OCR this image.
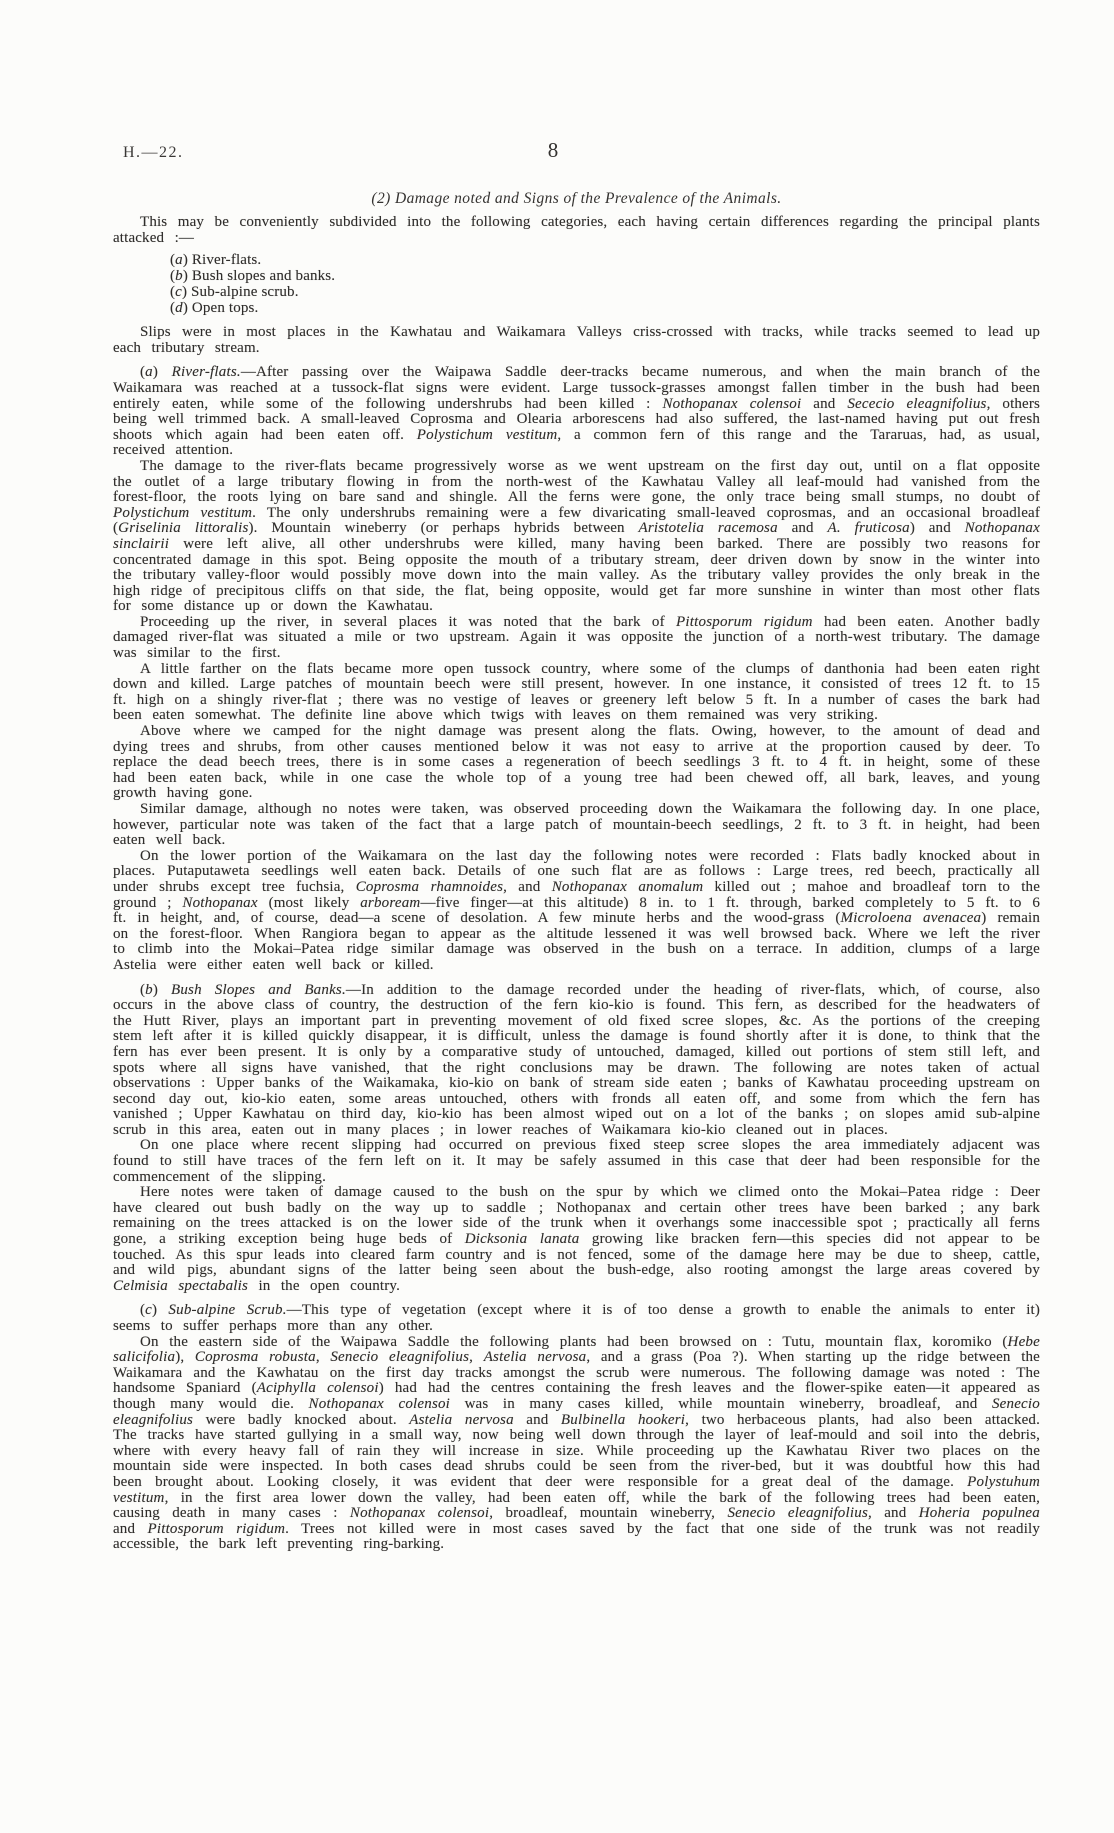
H.—22.	8
(2) Damage noted and Signs of the Prevalence of the Animals.

This may be conveniently subdivided into the following categories, each having certain differences regarding the principal plants attacked :—

(a) River-flats.
(b) Bush slopes and banks.
(c) Sub-alpine scrub.
(d) Open tops.

Slips were in most places in the Kawhatau and Waikamara Valleys criss-crossed with tracks, while tracks seemed to lead up each tributary stream.

(a) River-flats.—After passing over the Waipawa Saddle deer-tracks became numerous, and when the main branch of the Waikamara was reached at a tussock-flat signs were evident. Large tussock-grasses amongst fallen timber in the bush had been entirely eaten, while some of the following undershrubs had been killed : Nothopanax colensoi and Sececio eleagnifolius, others being well trimmed back. A small-leaved Coprosma and Olearia arborescens had also suffered, the last-named having put out fresh shoots which again had been eaten off. Polystichum vestitum, a common fern of this range and the Tararuas, had, as usual, received attention.

The damage to the river-flats became progressively worse as we went upstream on the first day out, until on a flat opposite the outlet of a large tributary flowing in from the north-west of the Kawhatau Valley all leaf-mould had vanished from the forest-floor, the roots lying on bare sand and shingle. All the ferns were gone, the only trace being small stumps, no doubt of Polystichum vestitum. The only undershrubs remaining were a few divaricating small-leaved coprosmas, and an occasional broadleaf (Griselinia littoralis). Mountain wineberry (or perhaps hybrids between Aristotelia racemosa and A. fruticosa) and Nothopanax sinclairii were left alive, all other undershrubs were killed, many having been barked. There are possibly two reasons for concentrated damage in this spot. Being opposite the mouth of a tributary stream, deer driven down by snow in the winter into the tributary valley-floor would possibly move down into the main valley. As the tributary valley provides the only break in the high ridge of precipitous cliffs on that side, the flat, being opposite, would get far more sunshine in winter than most other flats for some distance up or down the Kawhatau.

Proceeding up the river, in several places it was noted that the bark of Pittosporum rigidum had been eaten. Another badly damaged river-flat was situated a mile or two upstream. Again it was opposite the junction of a north-west tributary. The damage was similar to the first.

A little farther on the flats became more open tussock country, where some of the clumps of danthonia had been eaten right down and killed. Large patches of mountain beech were still present, however. In one instance, it consisted of trees 12 ft. to 15 ft. high on a shingly river-flat ; there was no vestige of leaves or greenery left below 5 ft. In a number of cases the bark had been eaten somewhat. The definite line above which twigs with leaves on them remained was very striking.

Above where we camped for the night damage was present along the flats. Owing, however, to the amount of dead and dying trees and shrubs, from other causes mentioned below it was not easy to arrive at the proportion caused by deer. To replace the dead beech trees, there is in some cases a regeneration of beech seedlings 3 ft. to 4 ft. in height, some of these had been eaten back, while in one case the whole top of a young tree had been chewed off, all bark, leaves, and young growth having gone.

Similar damage, although no notes were taken, was observed proceeding down the Waikamara the following day. In one place, however, particular note was taken of the fact that a large patch of mountain-beech seedlings, 2 ft. to 3 ft. in height, had been eaten well back.

On the lower portion of the Waikamara on the last day the following notes were recorded : Flats badly knocked about in places. Putaputaweta seedlings well eaten back. Details of one such flat are as follows : Large trees, red beech, practically all under shrubs except tree fuchsia, Coprosma rhamnoides, and Nothopanax anomalum killed out ; mahoe and broadleaf torn to the ground ; Nothopanax (most likely arboream—five finger—at this altitude) 8 in. to 1 ft. through, barked completely to 5 ft. to 6 ft. in height, and, of course, dead—a scene of desolation. A few minute herbs and the wood-grass (Microloena avenacea) remain on the forest-floor. When Rangiora began to appear as the altitude lessened it was well browsed back. Where we left the river to climb into the Mokai–Patea ridge similar damage was observed in the bush on a terrace. In addition, clumps of a large Astelia were either eaten well back or killed.

(b) Bush Slopes and Banks.—In addition to the damage recorded under the heading of river-flats, which, of course, also occurs in the above class of country, the destruction of the fern kio-kio is found. This fern, as described for the headwaters of the Hutt River, plays an important part in preventing movement of old fixed scree slopes, &c. As the portions of the creeping stem left after it is killed quickly disappear, it is difficult, unless the damage is found shortly after it is done, to think that the fern has ever been present. It is only by a comparative study of untouched, damaged, killed out portions of stem still left, and spots where all signs have vanished, that the right conclusions may be drawn. The following are notes taken of actual observations : Upper banks of the Waikamaka, kio-kio on bank of stream side eaten ; banks of Kawhatau proceeding upstream on second day out, kio-kio eaten, some areas untouched, others with fronds all eaten off, and some from which the fern has vanished ; Upper Kawhatau on third day, kio-kio has been almost wiped out on a lot of the banks ; on slopes amid sub-alpine scrub in this area, eaten out in many places ; in lower reaches of Waikamara kio-kio cleaned out in places.

On one place where recent slipping had occurred on previous fixed steep scree slopes the area immediately adjacent was found to still have traces of the fern left on it. It may be safely assumed in this case that deer had been responsible for the commencement of the slipping.

Here notes were taken of damage caused to the bush on the spur by which we climed onto the Mokai–Patea ridge : Deer have cleared out bush badly on the way up to saddle ; Nothopanax and certain other trees have been barked ; any bark remaining on the trees attacked is on the lower side of the trunk when it overhangs some inaccessible spot ; practically all ferns gone, a striking exception being huge beds of Dicksonia lanata growing like bracken fern—this species did not appear to be touched. As this spur leads into cleared farm country and is not fenced, some of the damage here may be due to sheep, cattle, and wild pigs, abundant signs of the latter being seen about the bush-edge, also rooting amongst the large areas covered by Celmisia spectabalis in the open country.

(c) Sub-alpine Scrub.—This type of vegetation (except where it is of too dense a growth to enable the animals to enter it) seems to suffer perhaps more than any other.

On the eastern side of the Waipawa Saddle the following plants had been browsed on : Tutu, mountain flax, koromiko (Hebe salicifolia), Coprosma robusta, Senecio eleagnifolius, Astelia nervosa, and a grass (Poa ?). When starting up the ridge between the Waikamara and the Kawhatau on the first day tracks amongst the scrub were numerous. The following damage was noted : The handsome Spaniard (Aciphylla colensoi) had had the centres containing the fresh leaves and the flower-spike eaten—it appeared as though many would die. Nothopanax colensoi was in many cases killed, while mountain wineberry, broadleaf, and Senecio eleagnifolius were badly knocked about. Astelia nervosa and Bulbinella hookeri, two herbaceous plants, had also been attacked. The tracks have started gullying in a small way, now being well down through the layer of leaf-mould and soil into the debris, where with every heavy fall of rain they will increase in size. While proceeding up the Kawhatau River two places on the mountain side were inspected. In both cases dead shrubs could be seen from the river-bed, but it was doubtful how this had been brought about. Looking closely, it was evident that deer were responsible for a great deal of the damage. Polystuhum vestitum, in the first area lower down the valley, had been eaten off, while the bark of the following trees had been eaten, causing death in many cases : Nothopanax colensoi, broadleaf, mountain wineberry, Senecio eleagnifolius, and Hoheria populnea and Pittosporum rigidum. Trees not killed were in most cases saved by the fact that one side of the trunk was not readily accessible, the bark left preventing ring-barking.
